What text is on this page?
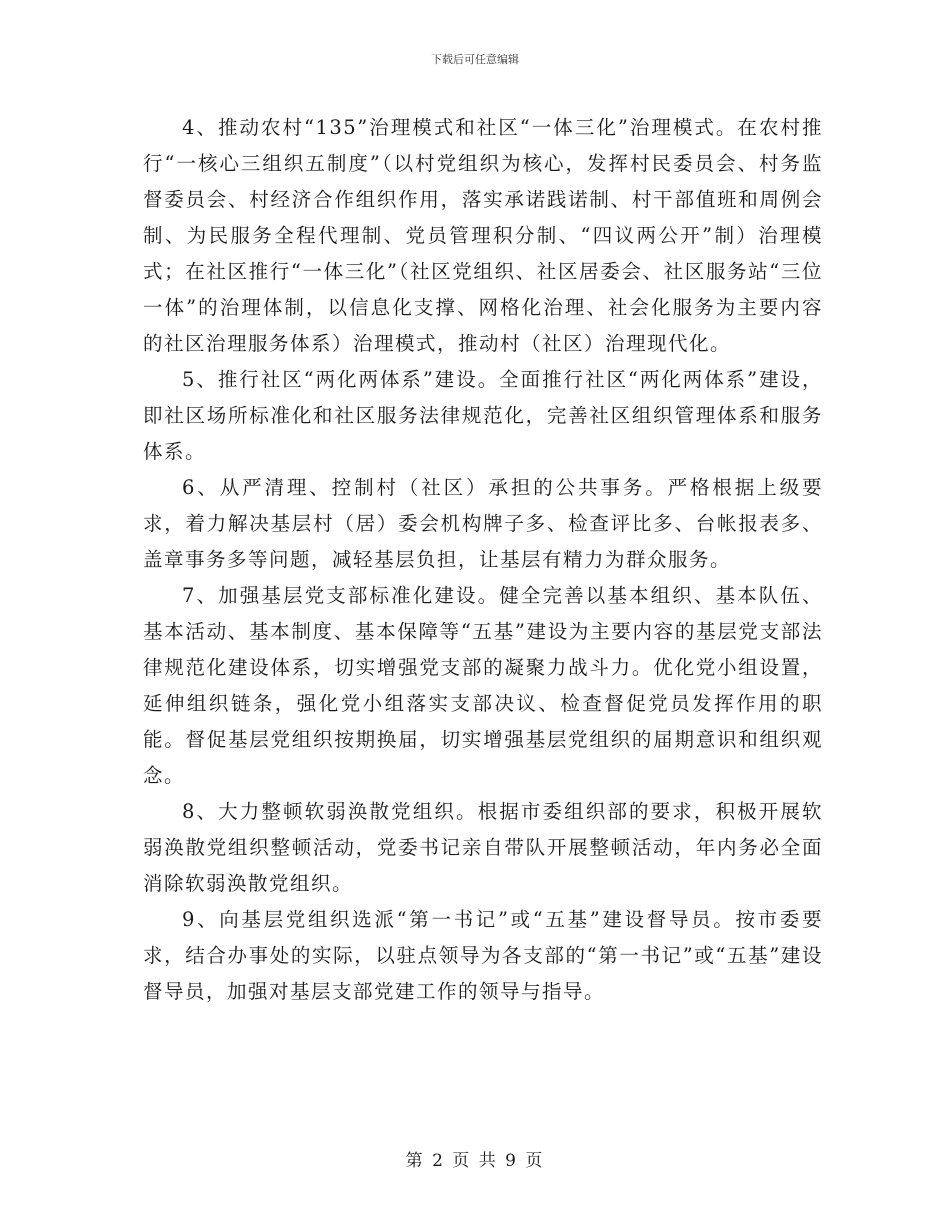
下载后可任意编辑

4、推动农村“135”治理模式和社区“一体三化”治理模式。在农村推行“一核心三组织五制度”（以村党组织为核心，发挥村民委员会、村务监督委员会、村经济合作组织作用，落实承诺践诺制、村干部值班和周例会制、为民服务全程代理制、党员管理积分制、“四议两公开”制）治理模式；在社区推行“一体三化”（社区党组织、社区居委会、社区服务站“三位一体”的治理体制，以信息化支撑、网格化治理、社会化服务为主要内容的社区治理服务体系）治理模式，推动村（社区）治理现代化。

5、推行社区“两化两体系”建设。全面推行社区“两化两体系”建设，即社区场所标准化和社区服务法律规范化，完善社区组织管理体系和服务体系。

6、从严清理、控制村（社区）承担的公共事务。严格根据上级要求，着力解决基层村（居）委会机构牌子多、检查评比多、台帐报表多、盖章事务多等问题，减轻基层负担，让基层有精力为群众服务。

7、加强基层党支部标准化建设。健全完善以基本组织、基本队伍、基本活动、基本制度、基本保障等“五基”建设为主要内容的基层党支部法律规范化建设体系，切实增强党支部的凝聚力战斗力。优化党小组设置，延伸组织链条，强化党小组落实支部决议、检查督促党员发挥作用的职能。督促基层党组织按期换届，切实增强基层党组织的届期意识和组织观念。

8、大力整顿软弱涣散党组织。根据市委组织部的要求，积极开展软弱涣散党组织整顿活动，党委书记亲自带队开展整顿活动，年内务必全面消除软弱涣散党组织。

9、向基层党组织选派“第一书记”或“五基”建设督导员。按市委要求，结合办事处的实际，以驻点领导为各支部的“第一书记”或“五基”建设督导员，加强对基层支部党建工作的领导与指导。

第 2 页 共 9 页
